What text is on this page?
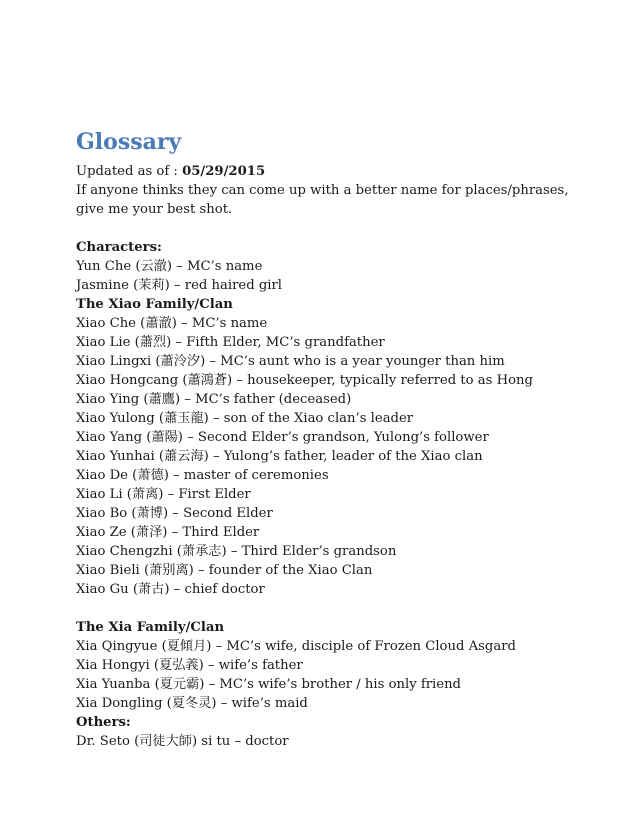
Glossary
Updated as of : 05/29/2015
If anyone thinks they can come up with a better name for places/phrases,
give me your best shot.
Characters:
Yun Che (云澈) – MC’s name
Jasmine (茉莉) – red haired girl
The Xiao Family/Clan
Xiao Che (蕭澈) – MC’s name
Xiao Lie (蕭烈) – Fifth Elder, MC’s grandfather
Xiao Lingxi (蕭泠汐) – MC’s aunt who is a year younger than him
Xiao Hongcang (蕭鴻蒼) – housekeeper, typically referred to as Hong
Xiao Ying (蕭鷹) – MC’s father (deceased)
Xiao Yulong (蕭玉龍) – son of the Xiao clan’s leader
Xiao Yang (蕭陽) – Second Elder’s grandson, Yulong’s follower
Xiao Yunhai (蕭云海) – Yulong’s father, leader of the Xiao clan
Xiao De (萧德) – master of ceremonies
Xiao Li (萧离) – First Elder
Xiao Bo (萧博) – Second Elder
Xiao Ze (萧泽) – Third Elder
Xiao Chengzhi (萧承志) – Third Elder’s grandson
Xiao Bieli (萧别离) – founder of the Xiao Clan
Xiao Gu (萧古) – chief doctor
The Xia Family/Clan
Xia Qingyue (夏傾月) – MC’s wife, disciple of Frozen Cloud Asgard
Xia Hongyi (夏弘義) – wife’s father
Xia Yuanba (夏元霸) – MC’s wife’s brother / his only friend
Xia Dongling (夏冬灵) – wife’s maid
Others:
Dr. Seto (司徒大師) si tu – doctor
